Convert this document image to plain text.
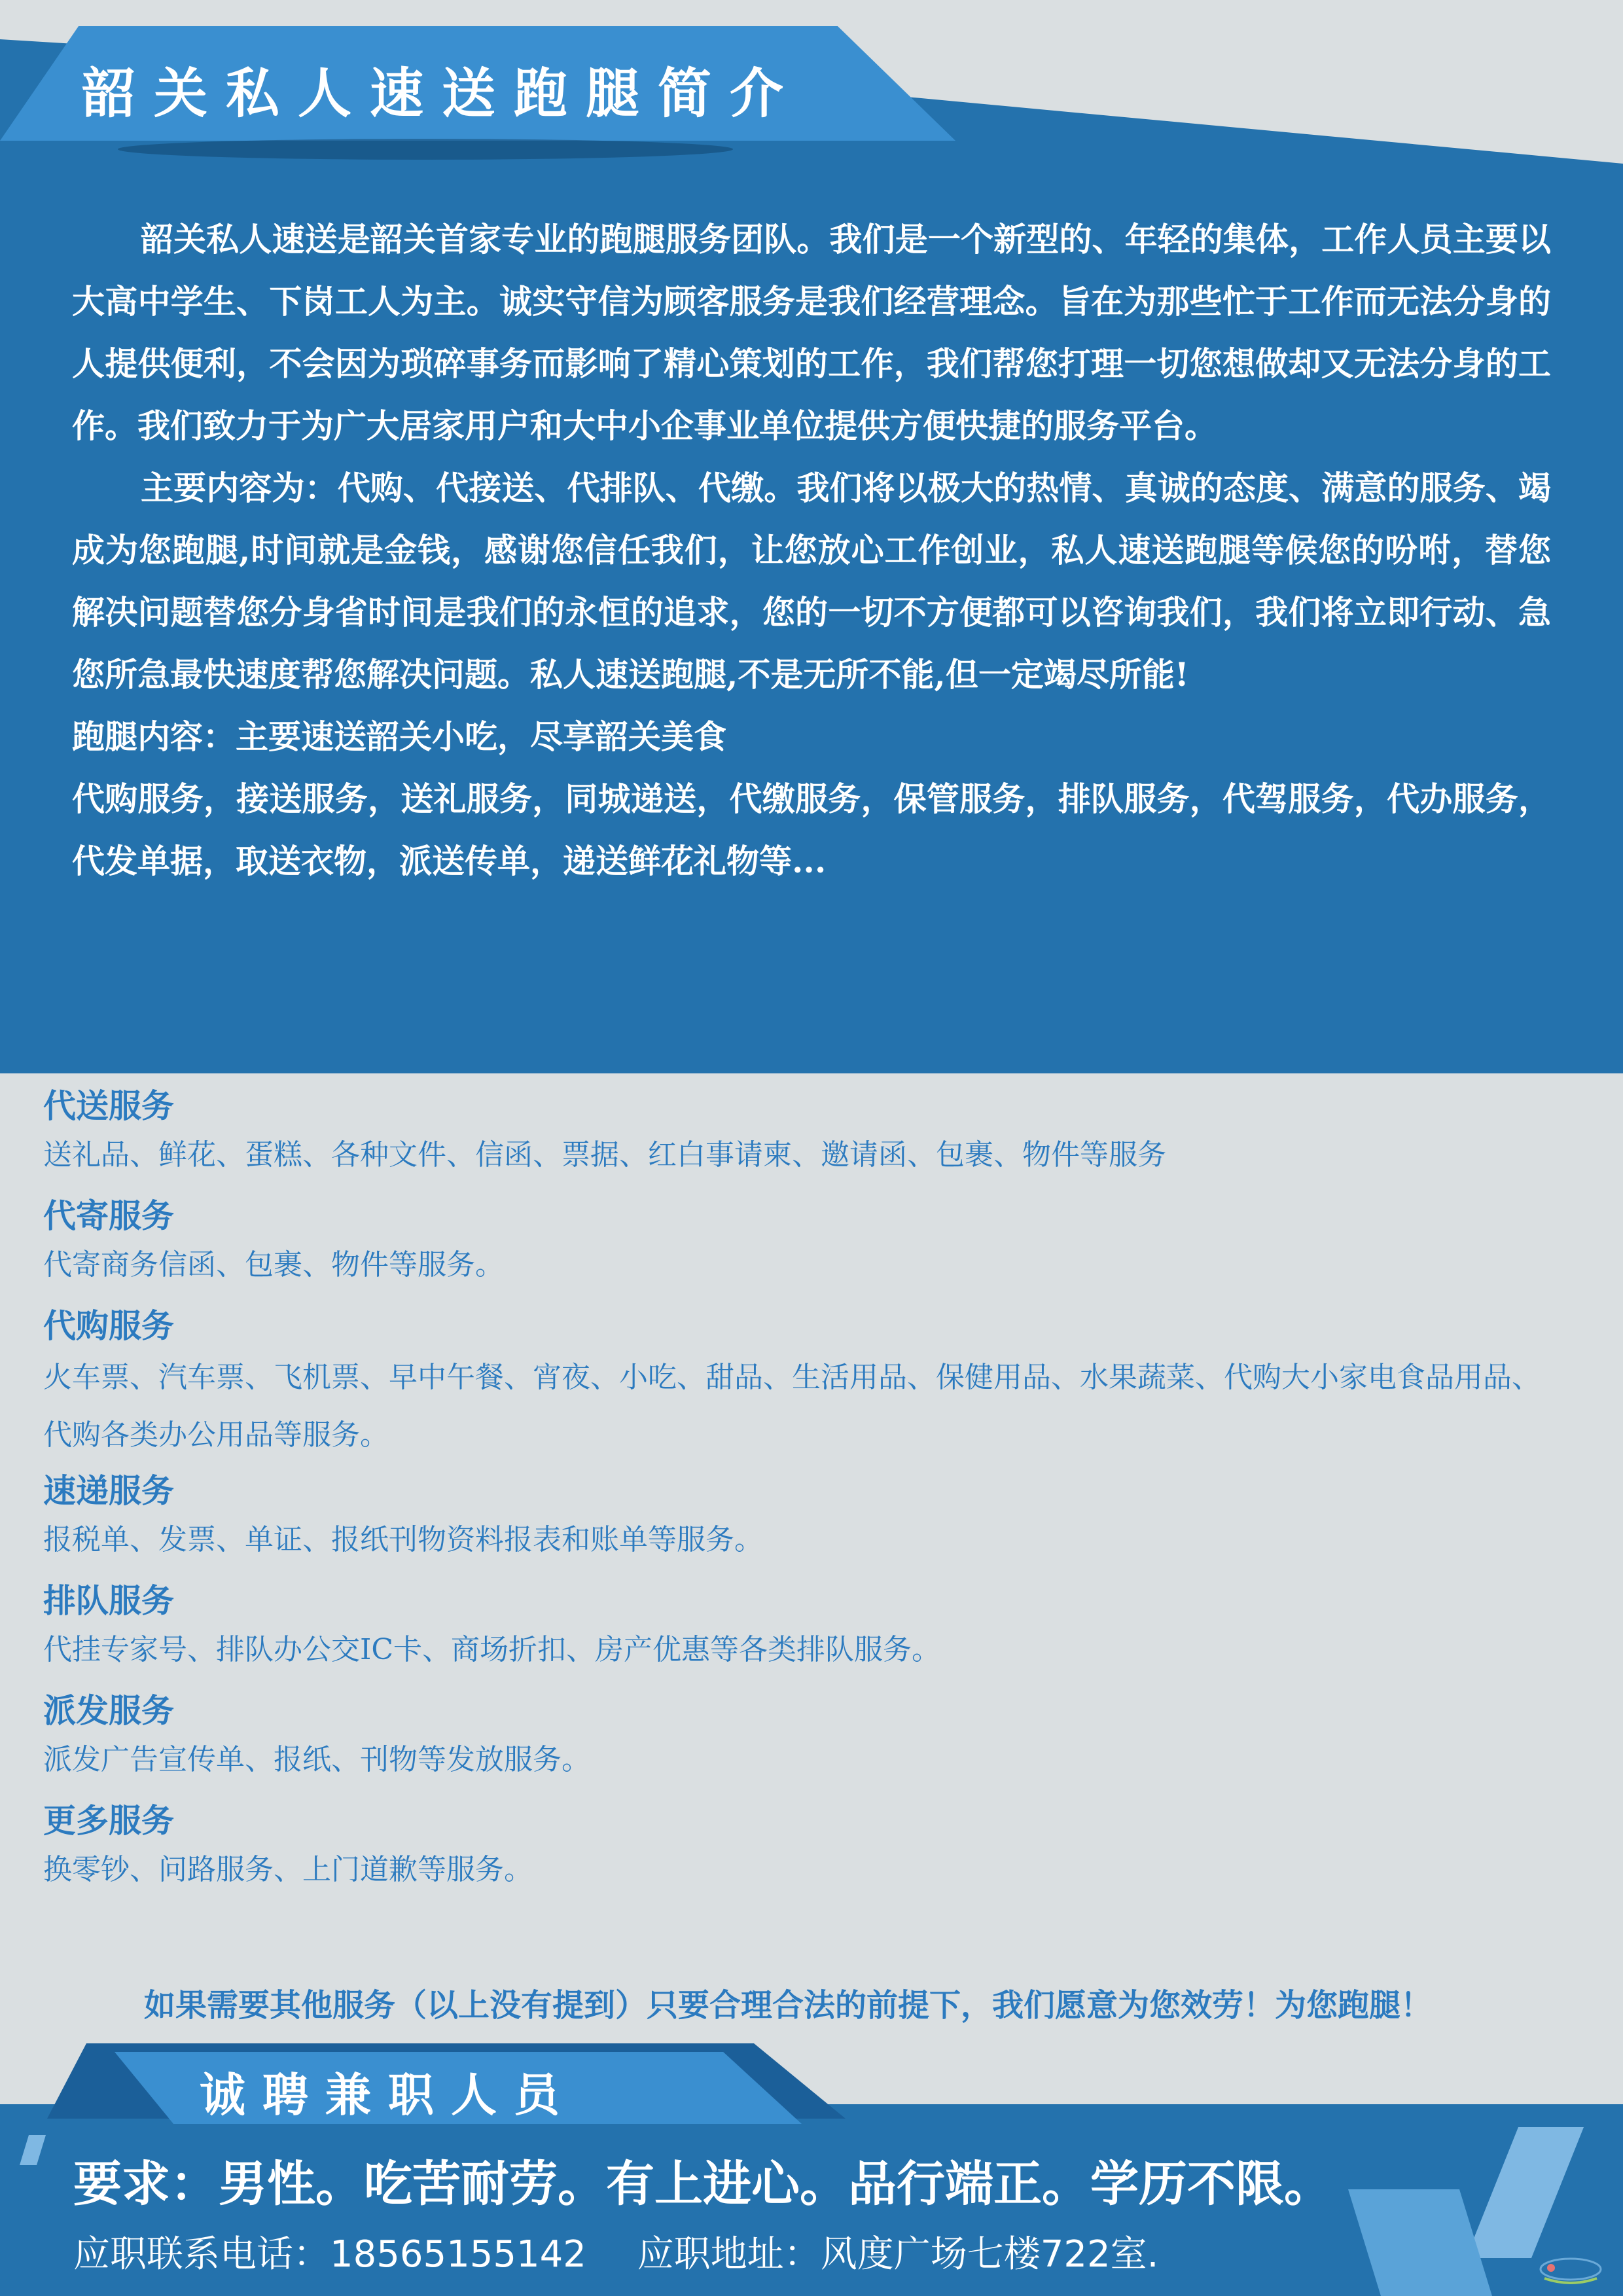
韶关私人速送跑腿简介

韶关私人速送是韶关首家专业的跑腿服务团队。我们是一个新型的、年轻的集体，工作人员主要以大高中学生、下岗工人为主。诚实守信为顾客服务是我们经营理念。旨在为那些忙于工作而无法分身的人提供便利，不会因为琐碎事务而影响了精心策划的工作，我们帮您打理一切您想做却又无法分身的工作。我们致力于为广大居家用户和大中小企事业单位提供方便快捷的服务平台。

主要内容为：代购、代接送、代排队、代缴。我们将以极大的热情、真诚的态度、满意的服务、竭成为您跑腿,时间就是金钱，感谢您信任我们，让您放心工作创业，私人速送跑腿等候您的吩咐，替您解决问题替您分身省时间是我们的永恒的追求，您的一切不方便都可以咨询我们，我们将立即行动、急您所急最快速度帮您解决问题。私人速送跑腿,不是无所不能,但一定竭尽所能!

跑腿内容：主要速送韶关小吃，尽享韶关美食

代购服务，接送服务，送礼服务，同城递送，代缴服务，保管服务，排队服务，代驾服务，代办服务，代发单据，取送衣物，派送传单，递送鲜花礼物等...

代送服务

送礼品、鲜花、蛋糕、各种文件、信函、票据、红白事请柬、邀请函、包裹、物件等服务

代寄服务

代寄商务信函、包裹、物件等服务。

代购服务

火车票、汽车票、飞机票、早中午餐、宵夜、小吃、甜品、生活用品、保健用品、水果蔬菜、代购大小家电食品用品、代购各类办公用品等服务。

速递服务

报税单、发票、单证、报纸刊物资料报表和账单等服务。

排队服务

代挂专家号、排队办公交IC卡、商场折扣、房产优惠等各类排队服务。

派发服务

派发广告宣传单、报纸、刊物等发放服务。

更多服务

换零钞、问路服务、上门道歉等服务。

如果需要其他服务（以上没有提到）只要合理合法的前提下，我们愿意为您效劳！为您跑腿！
诚聘兼职人员
要求：男性。吃苦耐劳。有上进心。品行端正。学历不限。
应职联系电话：18565155142 应职地址：风度广场七楼722室.
